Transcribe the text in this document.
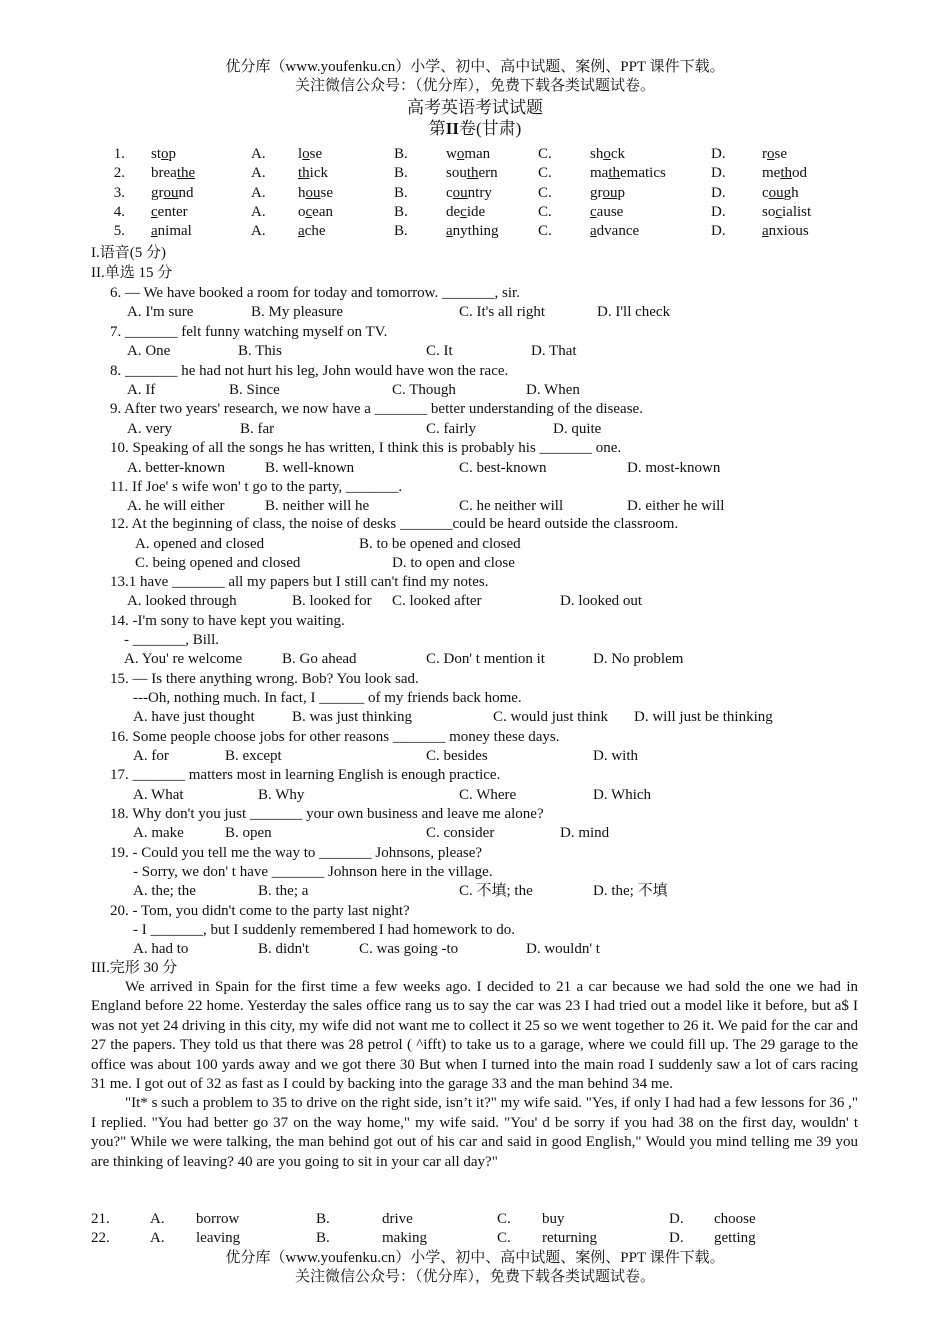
优分库（www.youfenku.cn）小学、初中、高中试题、案例、PPT 课件下载。
关注微信公众号：（优分库），免费下载各类试题试卷。
高考英语考试试题
第II卷(甘肃)
1. stop	A. lose	B.	woman	C.	shock	D. rose
2. breathe	A. thick	B.	southern	C.	mathematics	D. method
3. ground	A. house	B.	country	C.	group	D. cough
4. center	A. ocean	B.	decide	C.	cause	D. socialist
5. animal	A. ache	B.	anything	C.	advance	D. anxious
I.语音(5 分)
II.单选 15 分
6. — We have booked a room for today and tomorrow. _______, sir.
A. I'm sure	B. My pleasure	C. It's all right	D. I'll check
7. _______ felt funny watching myself on TV.
A. One	B. This	C. It	D. That
8. _______ he had not hurt his leg, John would have won the race.
A. If	B. Since	C. Though	D. When
9. After two years' research, we now have a _______ better understanding of the disease.
A. very	B. far	C. fairly	D. quite
10. Speaking of all the songs he has written, I think this is probably his _______ one.
A. better-known	B. well-known	C. best-known	D. most-known
11. If Joe' s wife won' t go to the party, _______.
A. he will either	B. neither will he	C. he neither will	D. either he will
12. At the beginning of class, the noise of desks _______could be heard outside the classroom.
A. opened and closed	B. to be opened and closed
C. being opened and closed	D. to open and close
13.1 have _______ all my papers but I still can't find my notes.
A. looked through	B. looked for C. looked after	D. looked out
14. -I'm sony to have kept you waiting.
A. You' re welcome	B. Go ahead	C. Don' t mention it	D. No problem
15. — Is there anything wrong. Bob? You look sad.
A. have just thought B. was just thinking	C. would just think D. will just be thinking
16. Some people choose jobs for other reasons _______ money these days.
A. for	B. except	C. besides	D. with
17. _______ matters most in learning English is enough practice.
A. What	B. Why	C. Where	D. Which
18. Why don't you just _______ your own business and leave me alone?
A. make	B. open	C. consider	D. mind
19. - Could you tell me the way to _______ Johnsons, please?
A. the; the	B. the; a	C. 不填; the	D. the; 不填
20. - Tom, you didn't come to the party last night?
A. had to	B. didn't	C. was going -to	D. wouldn' t
- _______, Bill.
---Oh, nothing much. In fact, I ______ of my friends back home.
- Sorry, we don' t have _______ Johnson here in the village.
- I _______, but I suddenly remembered I had homework to do.
III.完形 30 分

We arrived in Spain for the first time a few weeks ago. I decided to 21 a car because we had sold the one we had in England before 22 home. Yesterday the sales office rang us to say the car was 23 I had tried out a model like it before, but a$ I was not yet 24 driving in this city, my wife did not want me to collect it 25 so we went together to 26 it. We paid for the car and 27 the papers. They told us that there was 28 petrol ( ^ifft) to take us to a garage, where we could fill up. The 29 garage to the office was about 100 yards away and we got there 30 But when I turned into the main road I suddenly saw a lot of cars racing 31 me. I got out of 32 as fast as I could by backing into the garage 33 and the man behind 34 me.

"It* s such a problem to 35 to drive on the right side, isn’t it?" my wife said. "Yes, if only I had had a few lessons for 36 ," I replied. "You had better go 37 on the way home," my wife said. "You' d be sorry if you had 38 on the first day, wouldn' t you?" While we were talking, the man behind got out of his car and said in good English," Would you mind telling me 39 you are thinking of leaving? 40 are you going to sit in your car all day?"

21.	A. borrow	B.	drive	C. buy	D. choose
22.	A. leaving	B.	making	C. returning	D. getting
优分库（www.youfenku.cn）小学、初中、高中试题、案例、PPT 课件下载。
关注微信公众号：（优分库），免费下载各类试题试卷。
